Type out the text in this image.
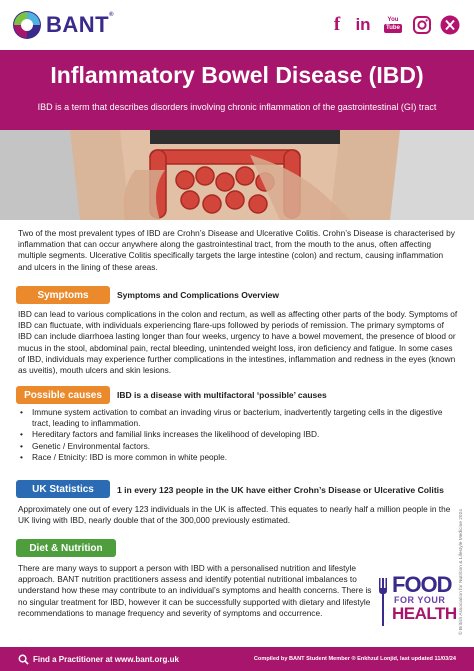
BANT®	f in	You
Tube
Inflammatory Bowel Disease (IBD)
IBD is a term that describes disorders involving chronic inflammation of the gastrointestinal (GI) tract
Two of the most prevalent types of IBD are Crohn’s Disease and Ulcerative Colitis. Crohn’s Disease is characterised by inflammation that can occur anywhere along the gastrointestinal tract, from the mouth to the anus, often affecting multiple segments. Ulcerative Colitis specifically targets the large intestine (colon) and rectum, causing inflammation and ulcers in the lining of these areas.
Symptoms	Symptoms and Complications Overview
IBD can lead to various complications in the colon and rectum, as well as affecting other parts of the body. Symptoms of IBD can fluctuate, with individuals experiencing flare-ups followed by periods of remission. The primary symptoms of IBD can include diarrhoea lasting longer than four weeks, urgency to have a bowel movement, the presence of blood or mucus in the stool, abdominal pain, rectal bleeding, unintended weight loss, iron deficiency and fatigue. In some cases of IBD, individuals may experience further complications in the intestines, inflammation and redness in the eyes (known as uveitis), mouth ulcers and skin lesions.
Possible causes	IBD is a disease with multifactoral ‘possible’ causes
• Immune system activation to combat an invading virus or bacterium, inadvertently targeting cells in the digestive tract, leading to inflammation.
• Hereditary factors and familial links increases the likelihood of developing IBD.
• Genetic / Environmental factors.
• Race / Etnicity: IBD is more common in white people.
UK Statistics	1 in every 123 people in the UK have either Crohn’s Disease or Ulcerative Colitis
Approximately one out of every 123 individuals in the UK is affected. This equates to nearly half a million people in the UK living with IBD, nearly double that of the 300,000 previously estimated.
Diet & Nutrition
There are many ways to support a person with IBD with a personalised nutrition and lifestyle approach. BANT nutrition practitioners assess and identify potential nutritional imbalances to understand how these may contribute to an individual’s symptoms and health concerns. There is no singular treatment for IBD, however it can be successfully supported with dietary and lifestyle recommendations to manage frequency and severity of symptoms and occurrence.
FOOD
FOR YOUR
HEALTH © British Association for Nutrition & Lifestyle Medicine 2024
Find a Practitioner at www.bant.org.uk	Compiled by BANT Student Member ® Enkhzul Lonjid, last updated 11/03/24
